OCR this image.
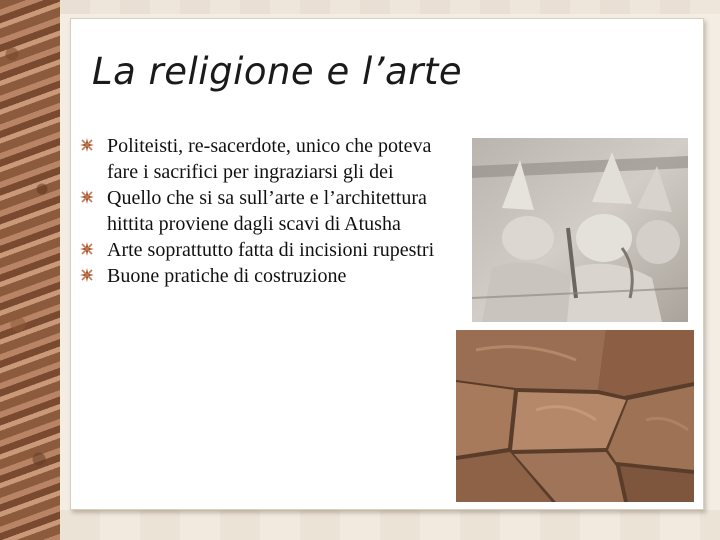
La religione e l’arte
Politeisti, re-sacerdote, unico che poteva fare i sacrifici per ingraziarsi gli dei
Quello che si sa sull’arte e l’architettura hittita proviene dagli scavi di Atusha
Arte soprattutto fatta di incisioni rupestri
Buone pratiche di costruzione
